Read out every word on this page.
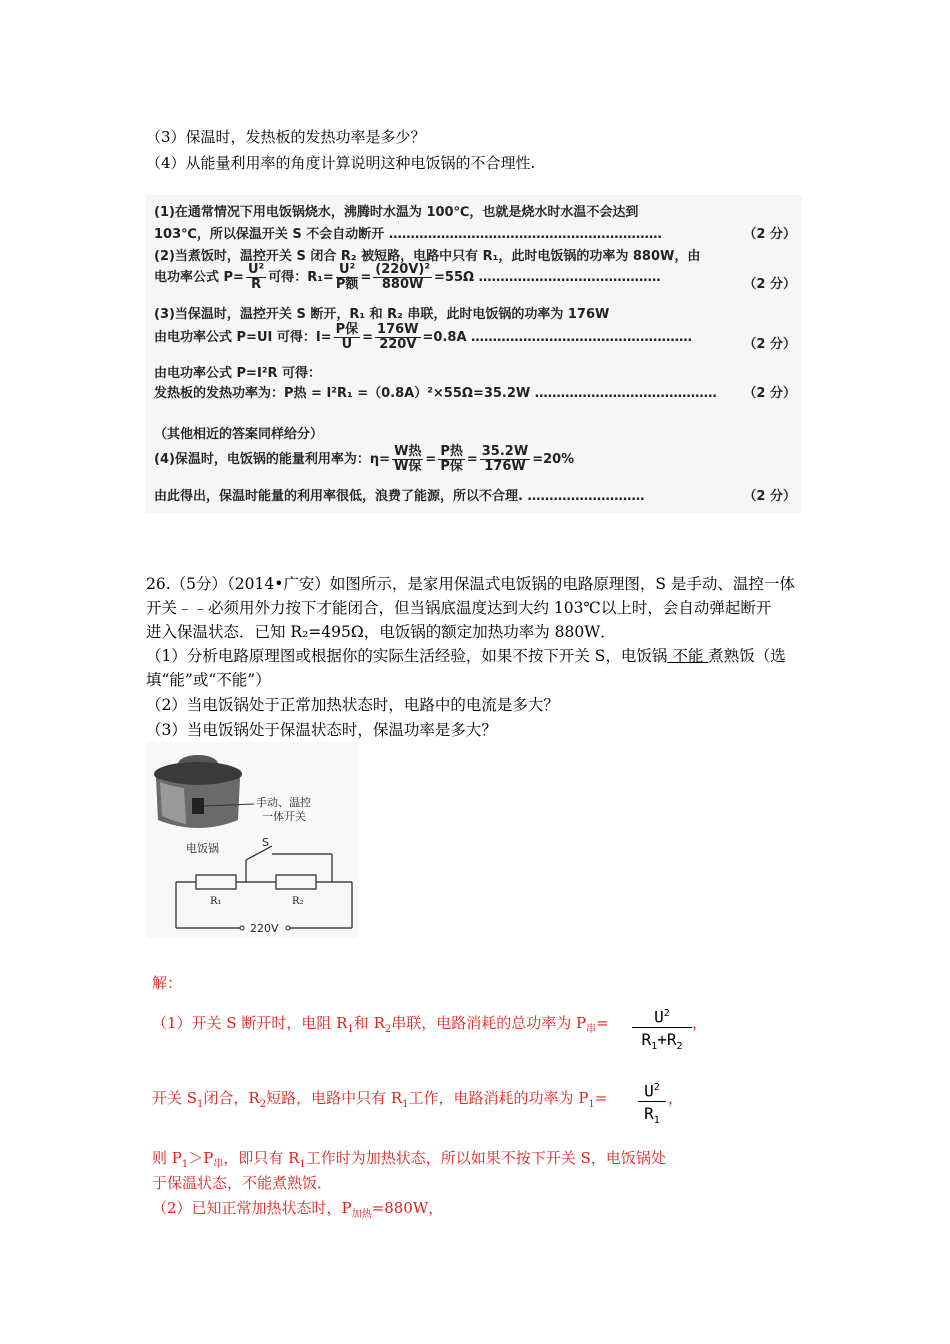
（3）保温时，发热板的发热功率是多少？
（4）从能量利用率的角度计算说明这种电饭锅的不合理性.
(1)在通常情况下用电饭锅烧水，沸腾时水温为 100℃，也就是烧水时水温不会达到
103℃，所以保温开关 S 不会自动断开 ………………………………………………………	（2 分）
(2)当煮饭时，温控开关 S 闭合 R₂ 被短路，电路中只有 R₁，此时电饭锅的功率为 880W，由
电功率公式 $P= \frac{\text{U²}}{R}$ 可得：$R_1= \frac{\text{U²}}{\text{P额}} = \frac{\text{(220V)²}}{880W} =55\Omega$ ……………………………………	（2 分）
(3)当保温时，温控开关 S 断开，R₁ 和 R₂ 串联，此时电饭锅的功率为 176W
由电功率公式 P=UI 可得：$I= \frac{\text{P保}}{U} = \frac{176W}{220V} =0.8A$ ……………………………………………	（2 分）
由电功率公式 P=I²R 可得：
发热板的发热功率为：P热 = I²R₁ =（0.8A）²×55Ω=35.2W …………………………………… （2 分）
（其他相近的答案同样给分）
(4)保温时，电饭锅的能量利用率为：$\eta= \frac{\text{W热}}{\text{W保}} = \frac{\text{P热}}{\text{P保}} = \frac{35.2W}{176W} =20\%$
由此得出，保温时能量的利用率很低，浪费了能源，所以不合理. ………………………	（2 分）
26.（5分）（2014•广安）如图所示，是家用保温式电饭锅的电路原理图，S 是手动、温控一体
开关﹣﹣必须用外力按下才能闭合，但当锅底温度达到大约 103℃以上时，会自动弹起断开
进入保温状态．已知 R₂=495Ω，电饭锅的额定加热功率为 880W．
（1）分析电路原理图或根据你的实际生活经验，如果不按下开关 S，电饭锅 不能 煮熟饭（选
填“能”或“不能”）
（2）当电饭锅处于正常加热状态时，电路中的电流是多大？
（3）当电饭锅处于保温状态时，保温功率是多大？
手动、温控
一体开关
电饭锅	S
R₁	R₂
220V
解：
（1）开关 S 断开时，电阻 $R_1$和 $R_2$串联，电路消耗的总功率为 $P_串= \frac{U^2}{R_1+R_2}$ ，
开关 $S_1$闭合，$R_2$短路，电路中只有 $R_1$工作，电路消耗的功率为 $P_1= \frac{U^2}{R_1}$ ，
则 $P_1>P_串$，即只有 $R_1$工作时为加热状态，所以如果不按下开关 S，电饭锅处
于保温状态，不能煮熟饭．
（2）已知正常加热状态时，$P_{加热}=880W$，
